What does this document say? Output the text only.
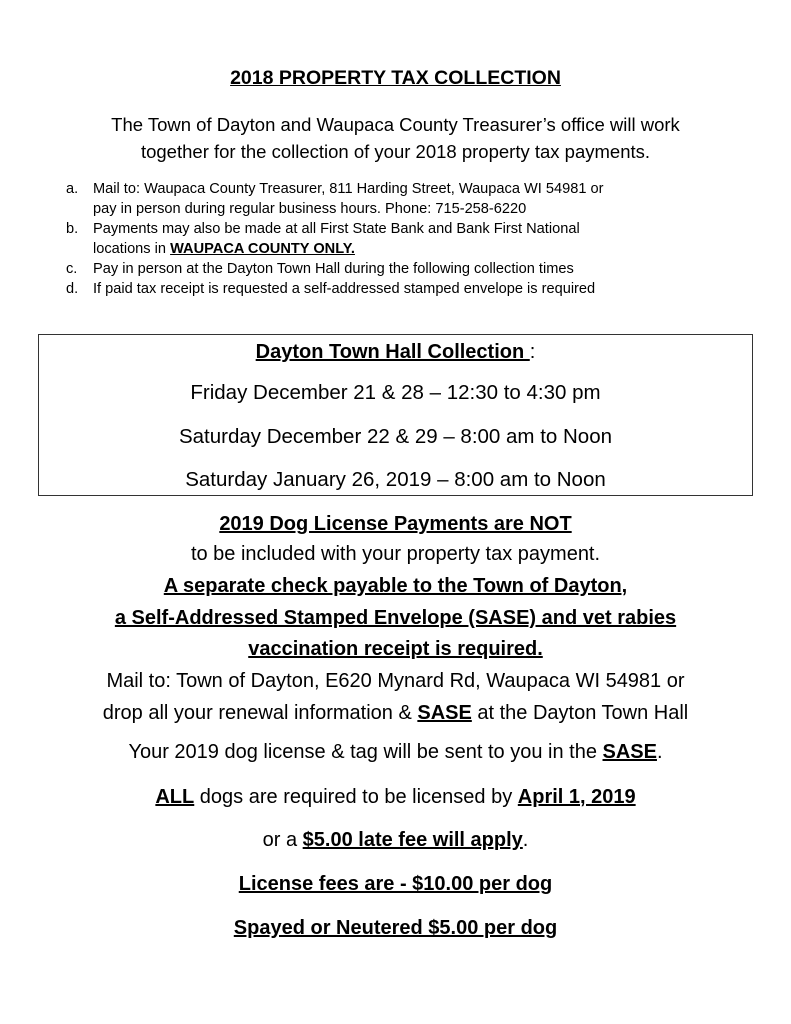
2018 PROPERTY TAX COLLECTION
The Town of Dayton and Waupaca County Treasurer’s office will work
together for the collection of your 2018 property tax payments.
a.	Mail to: Waupaca County Treasurer, 811 Harding Street, Waupaca WI 54981 or
pay in person during regular business hours. Phone: 715-258-6220
b.	Payments may also be made at all First State Bank and Bank First National
locations in WAUPACA COUNTY ONLY.
c.	Pay in person at the Dayton Town Hall during the following collection times
d.	If paid tax receipt is requested a self-addressed stamped envelope is required
Dayton Town Hall Collection :
Friday December 21 & 28 – 12:30 to 4:30 pm
Saturday December 22 & 29 – 8:00 am to Noon
Saturday January 26, 2019 – 8:00 am to Noon
2019 Dog License Payments are NOT
to be included with your property tax payment.
A separate check payable to the Town of Dayton,
a Self-Addressed Stamped Envelope (SASE) and vet rabies
vaccination receipt is required.
Mail to: Town of Dayton, E620 Mynard Rd, Waupaca WI 54981 or
drop all your renewal information & SASE at the Dayton Town Hall
Your 2019 dog license & tag will be sent to you in the SASE.
ALL dogs are required to be licensed by April 1, 2019
or a $5.00 late fee will apply.
License fees are - $10.00 per dog
Spayed or Neutered $5.00 per dog
